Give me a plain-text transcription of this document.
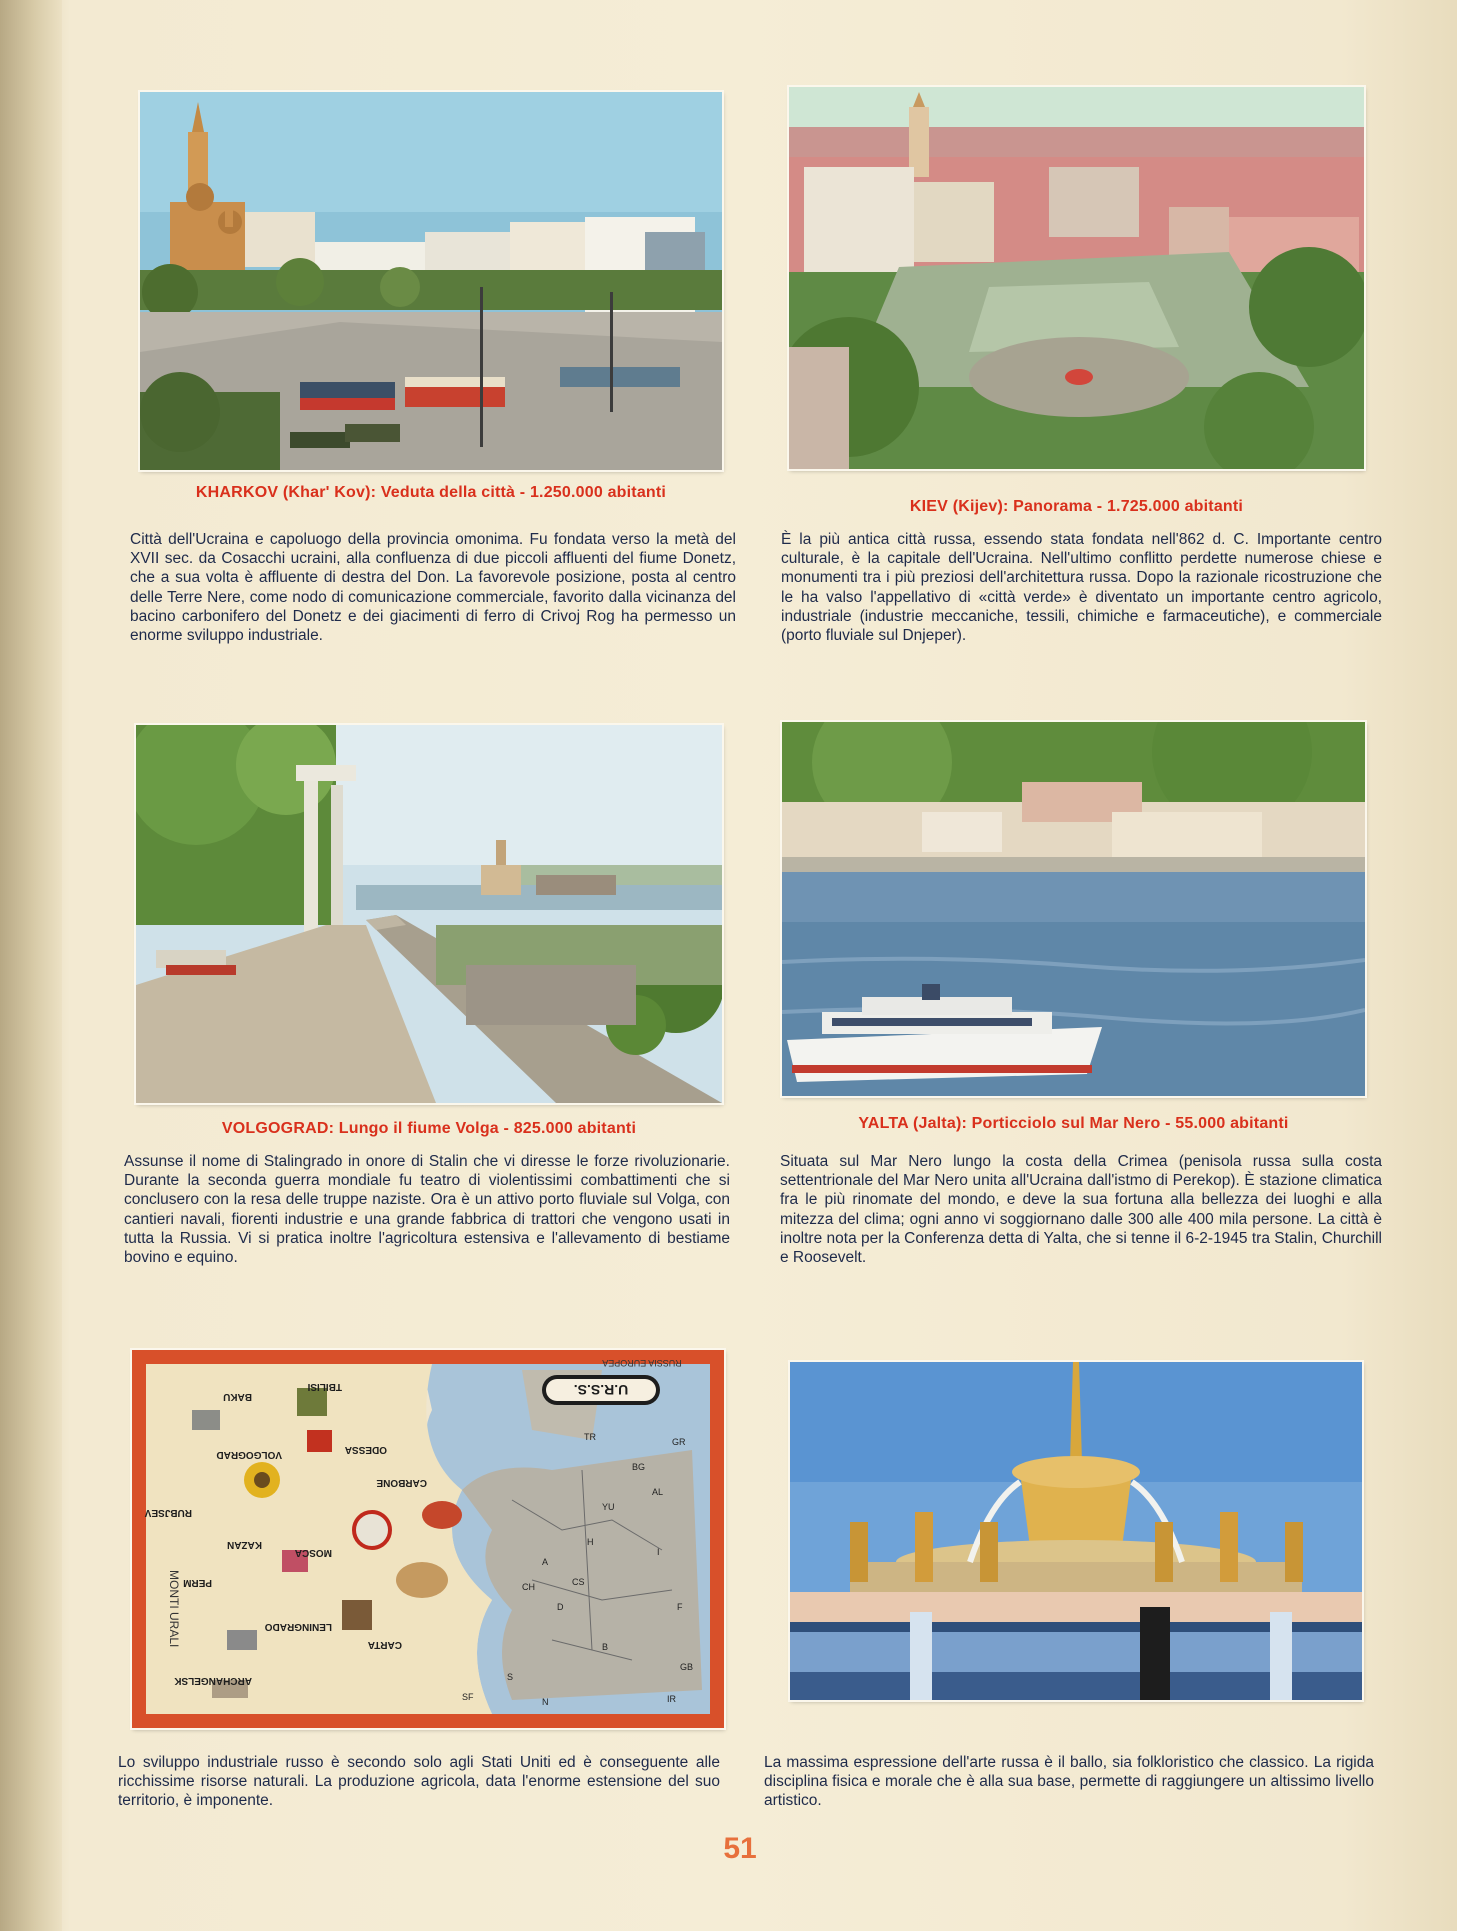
KHARKOV (Khar' Kov): Veduta della città - 1.250.000 abitanti
Città dell'Ucraina e capoluogo della provincia omonima. Fu fondata verso la metà del XVII sec. da Cosacchi ucraini, alla confluenza di due piccoli affluenti del fiume Donetz, che a sua volta è affluente di destra del Don. La favorevole posizione, posta al centro delle Terre Nere, come nodo di comunicazione commerciale, favorito dalla vicinanza del bacino carbonifero del Donetz e dei giacimenti di ferro di Crivoj Rog ha permesso un enorme sviluppo industriale.
KIEV (Kijev): Panorama - 1.725.000 abitanti
È la più antica città russa, essendo stata fondata nell'862 d. C. Importante centro culturale, è la capitale dell'Ucraina. Nell'ultimo conflitto perdette numerose chiese e monumenti tra i più preziosi dell'architettura russa. Dopo la razionale ricostruzione che le ha valso l'appellativo di «città verde» è diventato un importante centro agricolo, industriale (industrie meccaniche, tessili, chimiche e farmaceutiche), e commerciale (porto fluviale sul Dnjeper).
VOLGOGRAD: Lungo il fiume Volga - 825.000 abitanti
Assunse il nome di Stalingrado in onore di Stalin che vi diresse le forze rivoluzionarie. Durante la seconda guerra mondiale fu teatro di violentissimi combattimenti che si conclusero con la resa delle truppe naziste. Ora è un attivo porto fluviale sul Volga, con cantieri navali, fiorenti industrie e una grande fabbrica di trattori che vengono usati in tutta la Russia. Vi si pratica inoltre l'agricoltura estensiva e l'allevamento di bestiame bovino e equino.
YALTA (Jalta): Porticciolo sul Mar Nero - 55.000 abitanti
Situata sul Mar Nero lungo la costa della Crimea (penisola russa sulla costa settentrionale del Mar Nero unita all'Ucraina dall'istmo di Perekop). È stazione climatica fra le più rinomate del mondo, e deve la sua fortuna alla bellezza dei luoghi e alla mitezza del clima; ogni anno vi soggiornano dalle 300 alle 400 mila persone. La città è inoltre nota per la Conferenza detta di Yalta, che si tenne il 6-2-1945 tra Stalin, Churchill e Roosevelt.
U.R.S.S.
RUSSIA EUROPEA
MONTI URALI
BAKU
TBILISI
ODESSA
VOLGOGRAD
CARBONE
RUBJSEV
KAZAN
MOSCA
PERM
LENINGRADO
CARTA
ARCHANGELSK
TR	GR
BG
AL
YU
H
CS
A
I
D
CH
F
B
GB
SF
S
N	IR
Lo sviluppo industriale russo è secondo solo agli Stati Uniti ed è conseguente alle ricchissime risorse naturali. La produzione agricola, data l'enorme estensione del suo territorio, è imponente.
La massima espressione dell'arte russa è il ballo, sia folkloristico che classico. La rigida disciplina fisica e morale che è alla sua base, permette di raggiungere un altissimo livello artistico.
51
